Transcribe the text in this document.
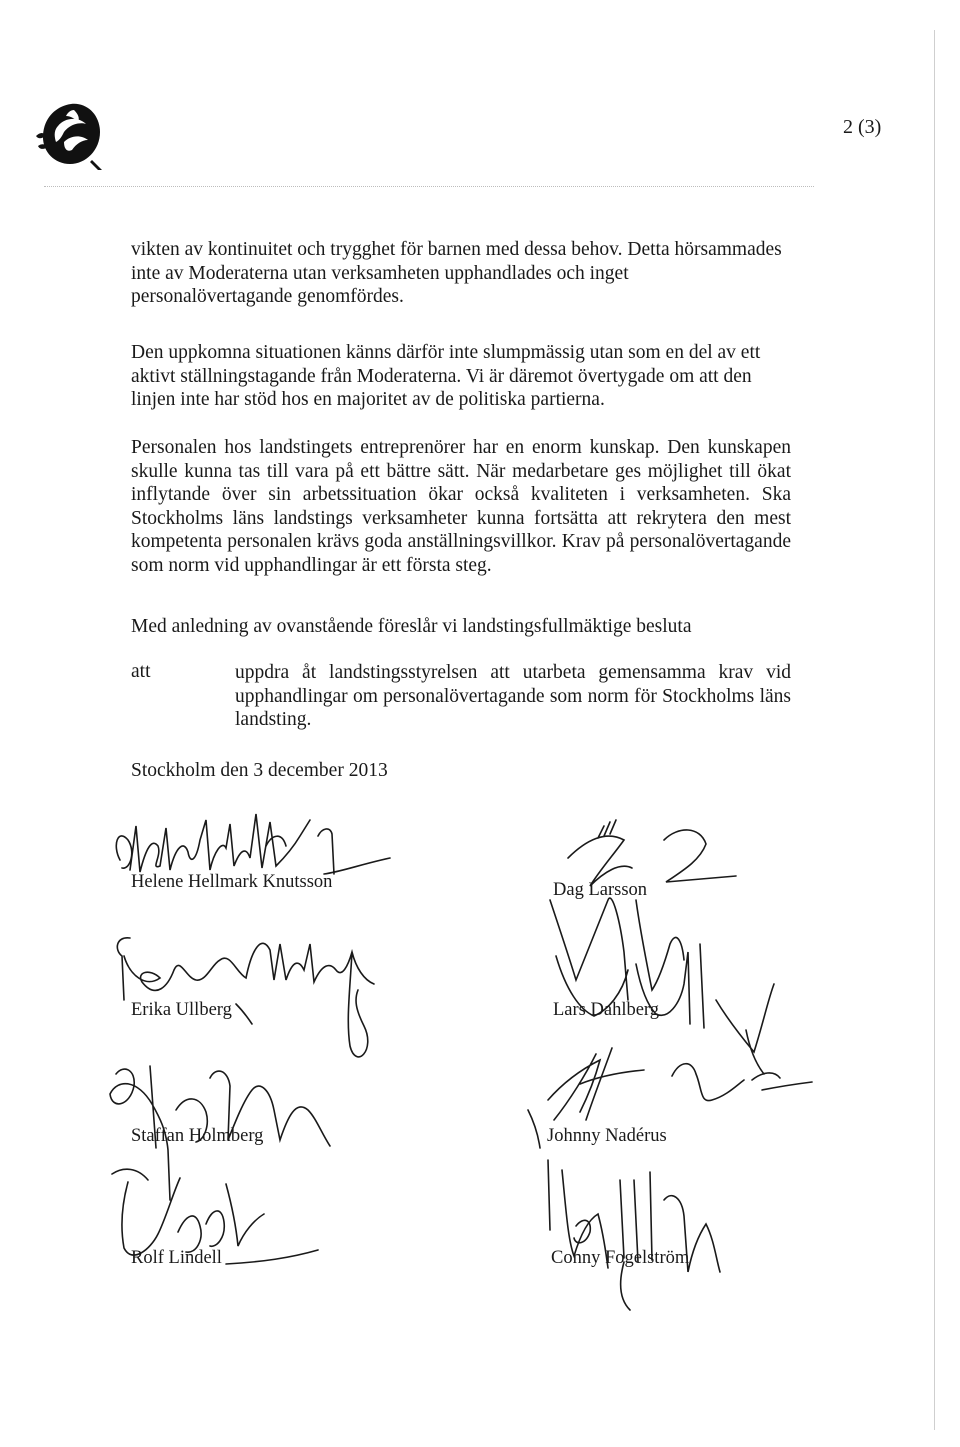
2 (3)
vikten av kontinuitet och trygghet för barnen med dessa behov. Detta hörsammades inte av Moderaterna utan verksamheten upphandlades och inget personalövertagande genomfördes.
Den uppkomna situationen känns därför inte slumpmässig utan som en del av ett aktivt ställningstagande från Moderaterna. Vi är däremot övertygade om att den linjen inte har stöd hos en majoritet av de politiska partierna.
Personalen hos landstingets entreprenörer har en enorm kunskap. Den kunskapen skulle kunna tas till vara på ett bättre sätt. När medarbetare ges möjlighet till ökat inflytande över sin arbetssituation ökar också kvaliteten i verksamheten. Ska Stockholms läns landstings verksamheter kunna fortsätta att rekrytera den mest kompetenta personalen krävs goda anställningsvillkor. Krav på personalövertagande som norm vid upphandlingar är ett första steg.
Med anledning av ovanstående föreslår vi landstingsfullmäktige besluta
att	uppdra åt landstingsstyrelsen att utarbeta gemensamma krav vid upphandlingar om personalövertagande som norm för Stockholms läns landsting.
Stockholm den 3 december 2013
Helene Hellmark Knutsson
Erika Ullberg
Staffan Holmberg
Rolf Lindell
Dag Larsson
Lars Dahlberg
Johnny Nadérus
Conny Fogelström
